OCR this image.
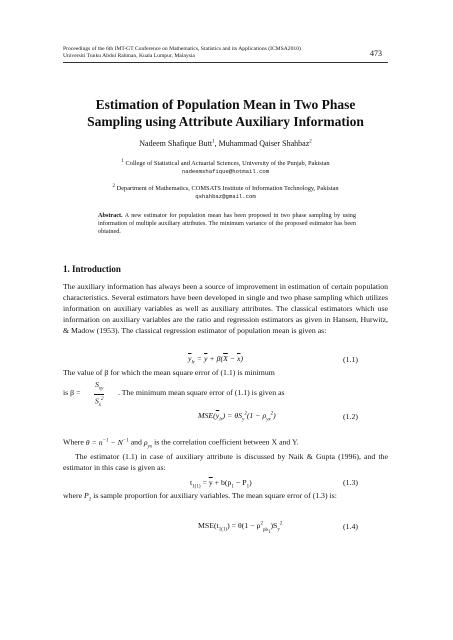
Proceedings of the 6th IMT-GT Conference on Mathematics, Statistics and its Applications (ICMSA2010)
Universiti Tunku Abdul Rahman, Kuala Lumpur, Malaysia	473
Estimation of Population Mean in Two Phase
Sampling using Attribute Auxiliary Information
Nadeem Shafique Butt$^1$, Muhammad Qaiser Shahbaz$^2$
$^1$ College of Statistical and Actuarial Sciences, University of the Punjab, Pakistan
nadeemshafique@hotmail.com
$^2$ Department of Mathematics, COMSATS Institute of Information Technology, Pakistan
qshahbaz@gmail.com
Abstract. A new estimator for population mean has been proposed in two phase sampling by using information of multiple auxiliary attributes. The minimum variance of the proposed estimator has been obtained.
1. Introduction
The auxiliary information has always been a source of improvement in estimation of certain population characteristics. Several estimators have been developed in single and two phase sampling which utilizes information on auxiliary variables as well as auxiliary attributes. The classical estimators which use information on auxiliary variables are the ratio and regression estimators as given in Hansen, Hurwitz, & Madow (1953). The classical regression estimator of population mean is given as:
$\overline{y}_{lr} = \overline{y} + \beta(\overline{X} - \overline{x})$	(1.1)
The value of β for which the mean square error of (1.1) is minimum
is β =
$S_{xy}$
$S_x^2$
. The minimum mean square error of (1.1) is given as
$MSE(\overline{y}_{lr}) = \theta S_y^2(1 - \rho_{yx}^2)$	(1.2)
Where $\theta = n^{-1} - N^{-1}$ and $\rho_{yx}$ is the correlation coefficient between X and Y.
The estimator (1.1) in case of auxiliary attribute is discussed by Naik & Gupta (1996), and the estimator in this case is given as:
$t_{1(1)} = \overline{y} + b(p_1 - P_1)$	(1.3)
where $P_1$ is sample proportion for auxiliary variables. The mean square error of (1.3) is:
$MSE(t_{1(1)}) = \theta(1 - \rho^2_{pb_1})S_y^2$	(1.4)
